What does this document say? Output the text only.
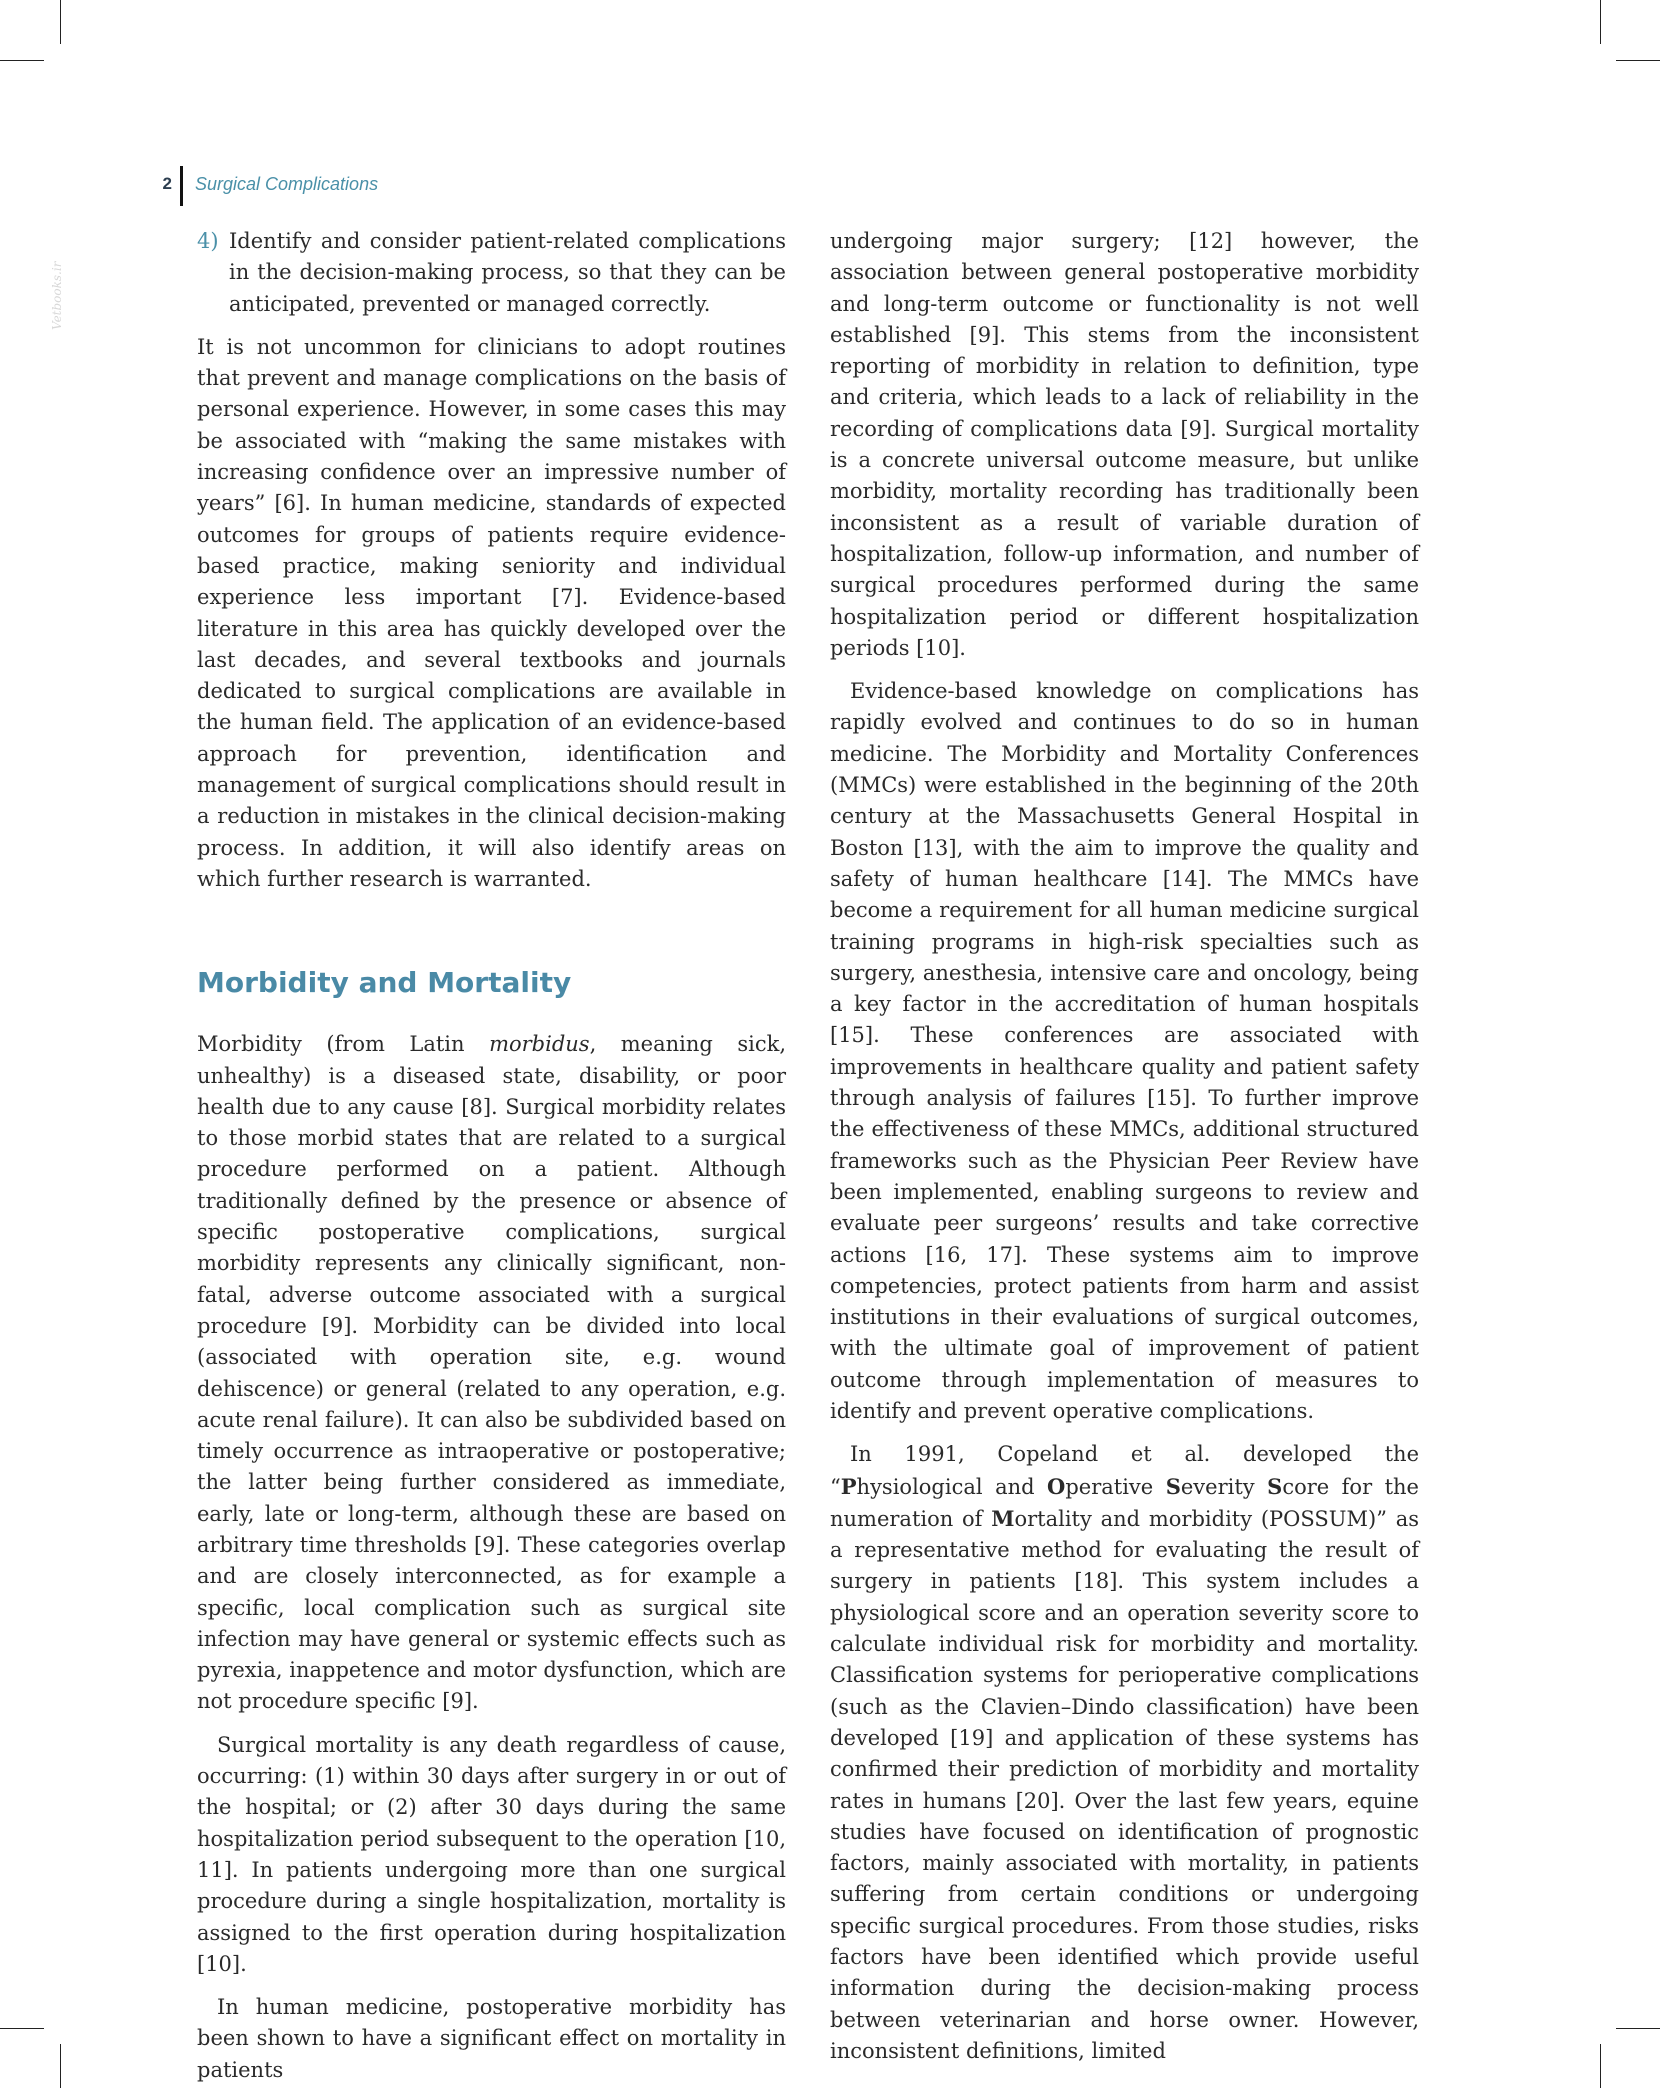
Vetbooks.ir
2 Surgical Complications
4) Identify and consider patient-related complications in the decision-making process, so that they can be anticipated, prevented or managed correctly.

It is not uncommon for clinicians to adopt routines that prevent and manage complications on the basis of personal experience. However, in some cases this may be associated with “making the same mistakes with increasing confidence over an impressive number of years” [6]. In human medicine, standards of expected outcomes for groups of patients require evidence-based practice, making seniority and individual experience less important [7]. Evidence-based literature in this area has quickly developed over the last decades, and several textbooks and journals dedicated to surgical complications are available in the human field. The application of an evidence-based approach for prevention, identification and management of surgical complications should result in a reduction in mistakes in the clinical decision-making process. In addition, it will also identify areas on which further research is warranted.

Morbidity and Mortality

Morbidity (from Latin morbidus, meaning sick, unhealthy) is a diseased state, disability, or poor health due to any cause [8]. Surgical morbidity relates to those morbid states that are related to a surgical procedure performed on a patient. Although traditionally defined by the presence or absence of specific postoperative complications, surgical morbidity represents any clinically significant, non-fatal, adverse outcome associated with a surgical procedure [9]. Morbidity can be divided into local (associated with operation site, e.g. wound dehiscence) or general (related to any operation, e.g. acute renal failure). It can also be subdivided based on timely occurrence as intraoperative or postoperative; the latter being further considered as immediate, early, late or long-term, although these are based on arbitrary time thresholds [9]. These categories overlap and are closely interconnected, as for example a specific, local complication such as surgical site infection may have general or systemic effects such as pyrexia, inappetence and motor dysfunction, which are not procedure specific [9].

Surgical mortality is any death regardless of cause, occurring: (1) within 30 days after surgery in or out of the hospital; or (2) after 30 days during the same hospitalization period subsequent to the operation [10, 11]. In patients undergoing more than one surgical procedure during a single hospitalization, mortality is assigned to the first operation during hospitalization [10].

In human medicine, postoperative morbidity has been shown to have a significant effect on mortality in patients

undergoing major surgery; [12] however, the association between general postoperative morbidity and long-term outcome or functionality is not well established [9]. This stems from the inconsistent reporting of morbidity in relation to definition, type and criteria, which leads to a lack of reliability in the recording of complications data [9]. Surgical mortality is a concrete universal outcome measure, but unlike morbidity, mortality recording has traditionally been inconsistent as a result of variable duration of hospitalization, follow-up information, and number of surgical procedures performed during the same hospitalization period or different hospitalization periods [10].

Evidence-based knowledge on complications has rapidly evolved and continues to do so in human medicine. The Morbidity and Mortality Conferences (MMCs) were established in the beginning of the 20th century at the Massachusetts General Hospital in Boston [13], with the aim to improve the quality and safety of human healthcare [14]. The MMCs have become a requirement for all human medicine surgical training programs in high-risk specialties such as surgery, anesthesia, intensive care and oncology, being a key factor in the accreditation of human hospitals [15]. These conferences are associated with improvements in healthcare quality and patient safety through analysis of failures [15]. To further improve the effectiveness of these MMCs, additional structured frameworks such as the Physician Peer Review have been implemented, enabling surgeons to review and evaluate peer surgeons’ results and take corrective actions [16, 17]. These systems aim to improve competencies, protect patients from harm and assist institutions in their evaluations of surgical outcomes, with the ultimate goal of improvement of patient outcome through implementation of measures to identify and prevent operative complications.

In 1991, Copeland et al. developed the “Physiological and Operative Severity Score for the numeration of Mortality and morbidity (POSSUM)” as a representative method for evaluating the result of surgery in patients [18]. This system includes a physiological score and an operation severity score to calculate individual risk for morbidity and mortality. Classification systems for perioperative complications (such as the Clavien–Dindo classification) have been developed [19] and application of these systems has confirmed their prediction of morbidity and mortality rates in humans [20]. Over the last few years, equine studies have focused on identification of prognostic factors, mainly associated with mortality, in patients suffering from certain conditions or undergoing specific surgical procedures. From those studies, risks factors have been identified which provide useful information during the decision-making process between veterinarian and horse owner. However, inconsistent definitions, limited
